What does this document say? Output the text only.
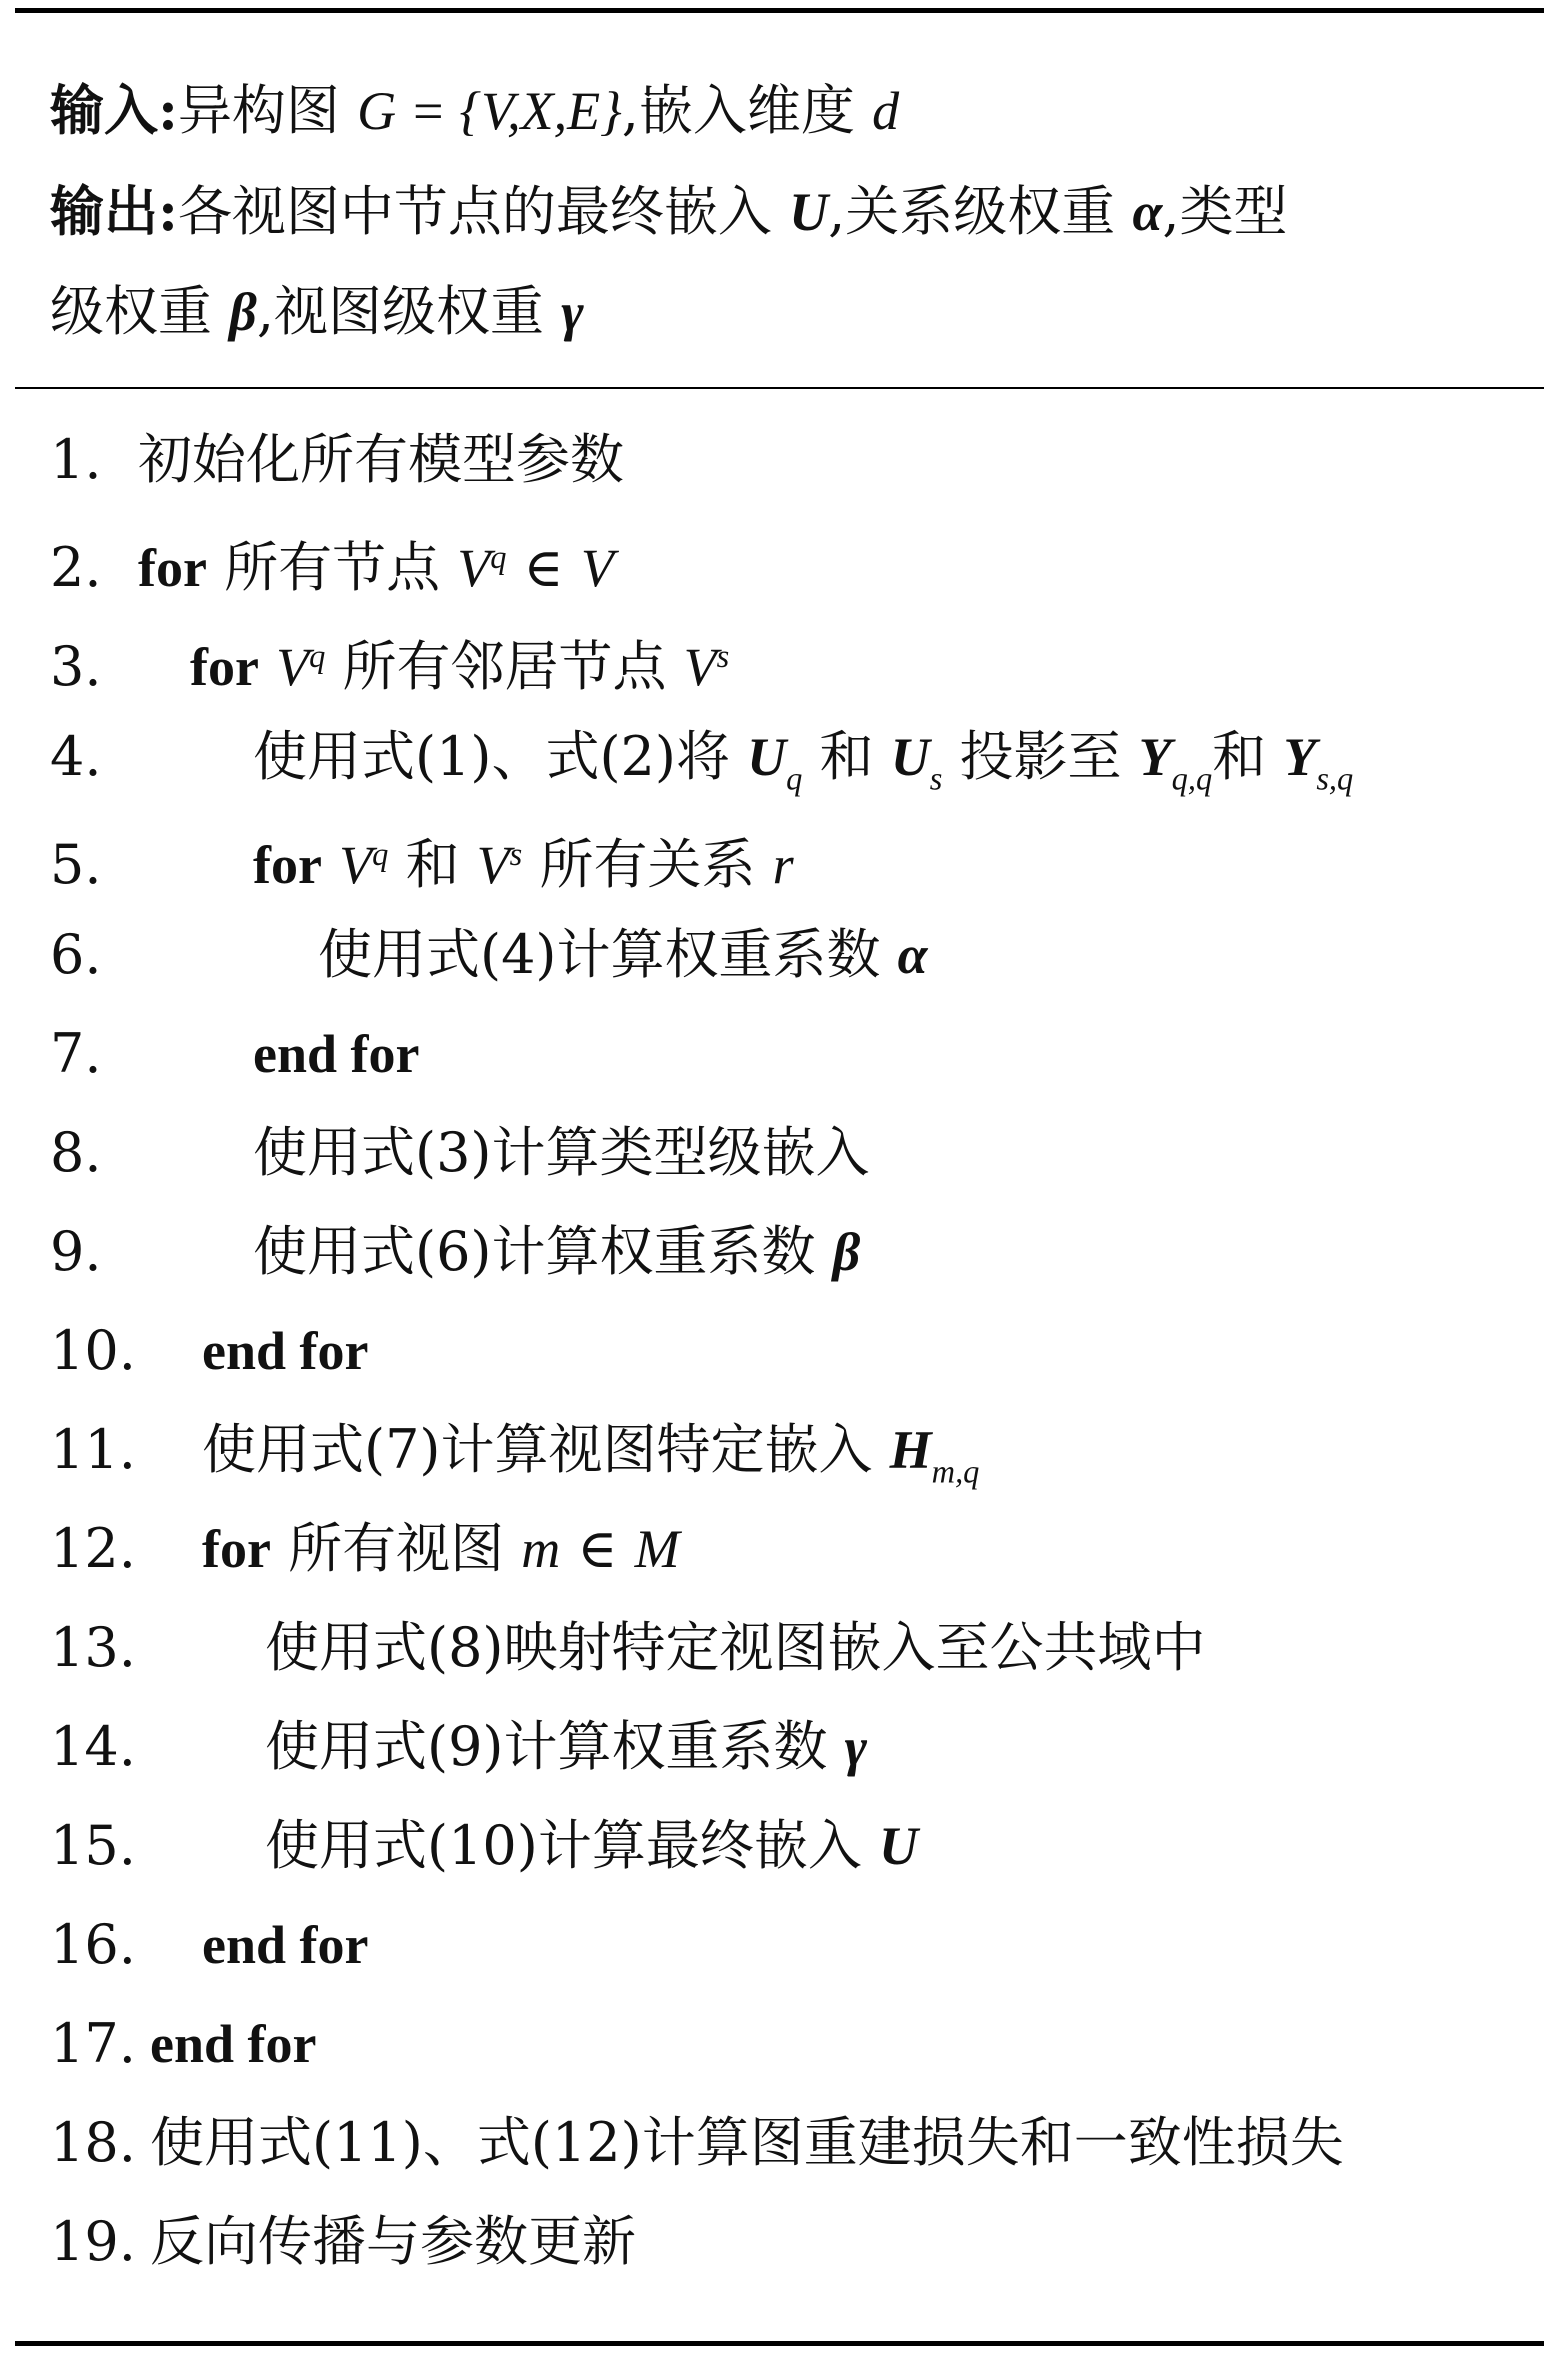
输入:异构图 G = {V,X,E},嵌入维度 d
输出:各视图中节点的最终嵌入 U,关系级权重 α,类型
级权重 β,视图级权重 γ
1. 初始化所有模型参数
2. for 所有节点 $V^q$ ∈ V
3. for $V^q$ 所有邻居节点 $V^s$
4.	使用式(1)、式(2)将 $U_q$ 和 $U_s$ 投影至 $Y_{q,q}$和 $Y_{s,q}$
5.	for $V^q$ 和 $V^s$ 所有关系 r
6.	使用式(4)计算权重系数 α
7.	end for
8.	使用式(3)计算类型级嵌入
9.	使用式(6)计算权重系数 β
10. end for
11. 使用式(7)计算视图特定嵌入 $H_{m,q}$
12. for 所有视图 m ∈ M
13. 使用式(8)映射特定视图嵌入至公共域中
14. 使用式(9)计算权重系数 γ
15. 使用式(10)计算最终嵌入 U
16. end for
17. end for
18. 使用式(11)、式(12)计算图重建损失和一致性损失
19. 反向传播与参数更新
